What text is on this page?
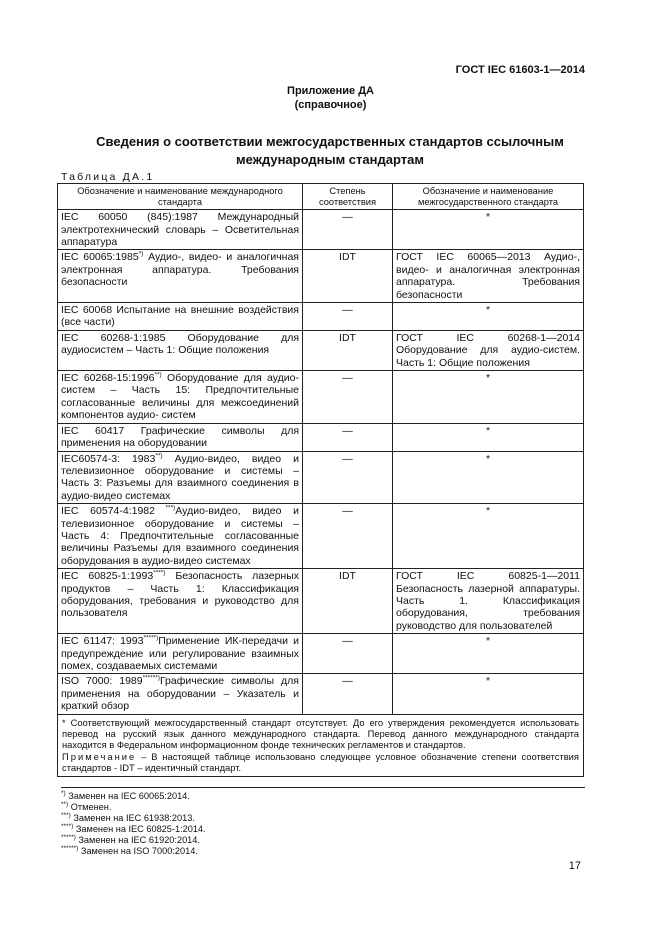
ГОСТ IEC 61603-1—2014
Приложение ДА
(справочное)
Сведения о соответствии межгосударственных стандартов ссылочным международным стандартам
Таблица ДА.1
Обозначение и наименование международного стандарта	Степень соответствия	Обозначение и наименование межгосударственного стандарта
IEC 60050 (845):1987 Международный электротехнический словарь – Осветительная аппаратура	—	*
IEC 60065:1985*) Аудио-, видео- и аналогичная электронная аппаратура. Требования безопасности	IDT	ГОСТ IEC 60065—2013 Аудио-, видео- и аналогичная электронная аппаратура. Требования безопасности
IEC 60068 Испытание на внешние воздействия (все части)	—	*
IEC 60268-1:1985 Оборудование для аудиосистем – Часть 1: Общие положения	IDT	ГОСТ IEC 60268-1—2014 Оборудование для аудио-систем. Часть 1: Общие положения
IEC 60268-15:1996**) Оборудование для аудио-систем – Часть 15: Предпочтительные согласованные величины для межсоединений компонентов аудио- систем	—	*
IEC 60417 Графические символы для применения на оборудовании	—	*
IEC60574-3: 1983**) Аудио-видео, видео и телевизионное оборудование и системы – Часть 3: Разъемы для взаимного соединения в аудио-видео системах	—	*
IEC 60574-4:1982 ***)Аудио-видео, видео и телевизионное оборудование и системы – Часть 4: Предпочтительные согласованные величины Разъемы для взаимного соединения оборудования в аудио-видео системах	—	*
IEC 60825-1:1993****) Безопасность лазерных продуктов – Часть 1: Классификация оборудования, требования и руководство для пользователя	IDT	ГОСТ IEC 60825-1—2011 Безопасность лазерной аппаратуры. Часть 1. Классификация оборудования, требования руководство для пользователей
IEC 61147: 1993*****)Применение ИК-передачи и предупреждение или регулирование взаимных помех, создаваемых системами	—	*
ISO 7000: 1989******)Графические символы для применения на оборудовании – Указатель и краткий обзор	—	*

* Соответствующий межгосударственный стандарт отсутствует. До его утверждения рекомендуется использовать перевод на русский язык данного международного стандарта. Перевод данного международного стандарта находится в Федеральном информационном фонде технических регламентов и стандартов.
Примечание – В настоящей таблице использовано следующее условное обозначение степени соответствия стандартов - IDT – идентичный стандарт.		
*) Заменен на IEC 60065:2014.
**) Отменен.
***) Заменен на IEC 61938:2013.
****) Заменен на IEC 60825-1:2014.
*****) Заменен на IEC 61920:2014.
******) Заменен на ISO 7000:2014.
17
